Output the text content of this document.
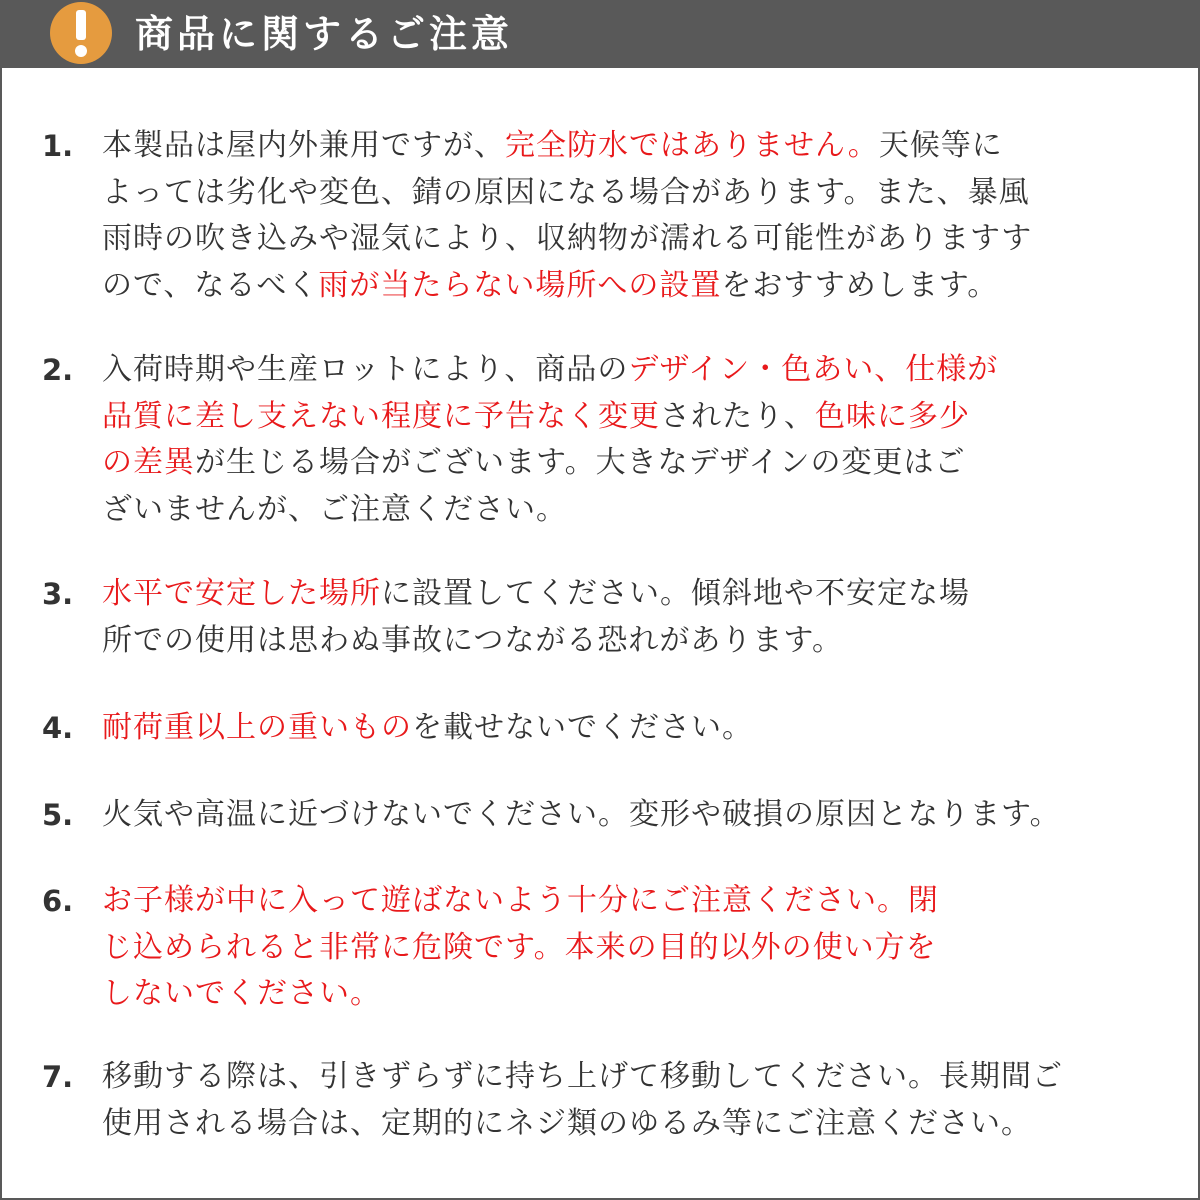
商品に関するご注意
1. 本製品は屋内外兼用ですが、完全防水ではありません。天候等に
よっては劣化や変色、錆の原因になる場合があります。また、暴風
雨時の吹き込みや湿気により、収納物が濡れる可能性がありますす
ので、なるべく雨が当たらない場所への設置をおすすめします。
2. 入荷時期や生産ロットにより、商品のデザイン・色あい、仕様が
品質に差し支えない程度に予告なく変更されたり、色味に多少
の差異が生じる場合がございます。大きなデザインの変更はご
ざいませんが、ご注意ください。
3. 水平で安定した場所に設置してください。傾斜地や不安定な場
所での使用は思わぬ事故につながる恐れがあります。
4. 耐荷重以上の重いものを載せないでください。
5. 火気や高温に近づけないでください。変形や破損の原因となります。
6. お子様が中に入って遊ばないよう十分にご注意ください。閉
じ込められると非常に危険です。本来の目的以外の使い方を
しないでください。
7. 移動する際は、引きずらずに持ち上げて移動してください。長期間ご
使用される場合は、定期的にネジ類のゆるみ等にご注意ください。
